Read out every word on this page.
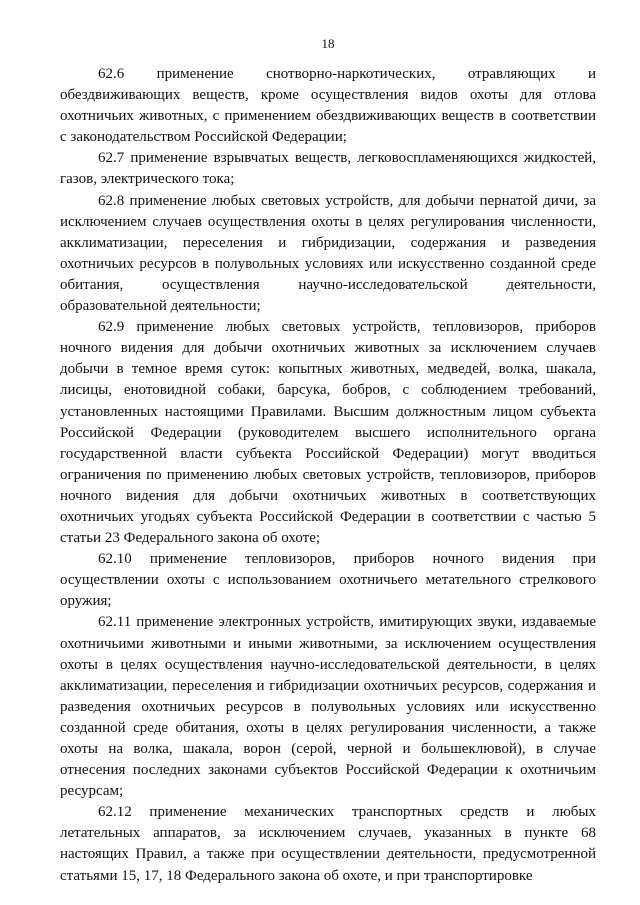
18

62.6 применение снотворно-наркотических, отравляющих и обездвиживающих веществ, кроме осуществления видов охоты для отлова охотничьих животных, с применением обездвиживающих веществ в соответствии с законодательством Российской Федерации;

62.7 применение взрывчатых веществ, легковоспламеняющихся жидкостей, газов, электрического тока;

62.8 применение любых световых устройств, для добычи пернатой дичи, за исключением случаев осуществления охоты в целях регулирования численности, акклиматизации, переселения и гибридизации, содержания и разведения охотничьих ресурсов в полувольных условиях или искусственно созданной среде обитания, осуществления научно-исследовательской деятельности, образовательной деятельности;

62.9 применение любых световых устройств, тепловизоров, приборов ночного видения для добычи охотничьих животных за исключением случаев добычи в темное время суток: копытных животных, медведей, волка, шакала, лисицы, енотовидной собаки, барсука, бобров, с соблюдением требований, установленных настоящими Правилами. Высшим должностным лицом субъекта Российской Федерации (руководителем высшего исполнительного органа государственной власти субъекта Российской Федерации) могут вводиться ограничения по применению любых световых устройств, тепловизоров, приборов ночного видения для добычи охотничьих животных в соответствующих охотничьих угодьях субъекта Российской Федерации в соответствии с частью 5 статьи 23 Федерального закона об охоте;

62.10 применение тепловизоров, приборов ночного видения при осуществлении охоты с использованием охотничьего метательного стрелкового оружия;

62.11 применение электронных устройств, имитирующих звуки, издаваемые охотничьими животными и иными животными, за исключением осуществления охоты в целях осуществления научно-исследовательской деятельности, в целях акклиматизации, переселения и гибридизации охотничьих ресурсов, содержания и разведения охотничьих ресурсов в полувольных условиях или искусственно созданной среде обитания, охоты в целях регулирования численности, а также охоты на волка, шакала, ворон (серой, черной и большеклювой), в случае отнесения последних законами субъектов Российской Федерации к охотничьим ресурсам;

62.12 применение механических транспортных средств и любых летательных аппаратов, за исключением случаев, указанных в пункте 68 настоящих Правил, а также при осуществлении деятельности, предусмотренной статьями 15, 17, 18 Федерального закона об охоте, и при транспортировке
